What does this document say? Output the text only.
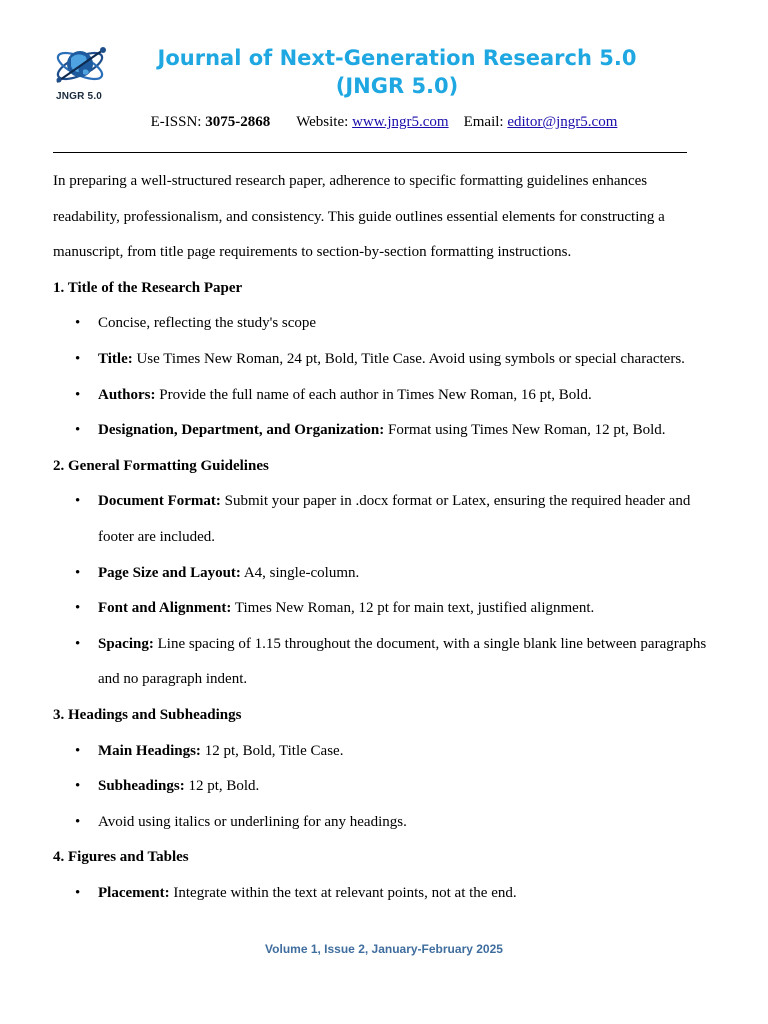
JNGR 5.0
Journal of Next-Generation Research 5.0 (JNGR 5.0)
E-ISSN: 3075-2868 Website: www.jngr5.com Email: editor@jngr5.com

In preparing a well-structured research paper, adherence to specific formatting guidelines enhances readability, professionalism, and consistency. This guide outlines essential elements for constructing a manuscript, from title page requirements to section-by-section formatting instructions.

1. Title of the Research Paper

• Concise, reflecting the study's scope
• Title: Use Times New Roman, 24 pt, Bold, Title Case. Avoid using symbols or special characters.
• Authors: Provide the full name of each author in Times New Roman, 16 pt, Bold.
• Designation, Department, and Organization: Format using Times New Roman, 12 pt, Bold.

2. General Formatting Guidelines

• Document Format: Submit your paper in .docx format or Latex, ensuring the required header and footer are included.
• Page Size and Layout: A4, single-column.
• Font and Alignment: Times New Roman, 12 pt for main text, justified alignment.
• Spacing: Line spacing of 1.15 throughout the document, with a single blank line between paragraphs and no paragraph indent.

3. Headings and Subheadings

• Main Headings: 12 pt, Bold, Title Case.
• Subheadings: 12 pt, Bold.
• Avoid using italics or underlining for any headings.

4. Figures and Tables

• Placement: Integrate within the text at relevant points, not at the end.
Volume 1, Issue 2, January-February 2025
